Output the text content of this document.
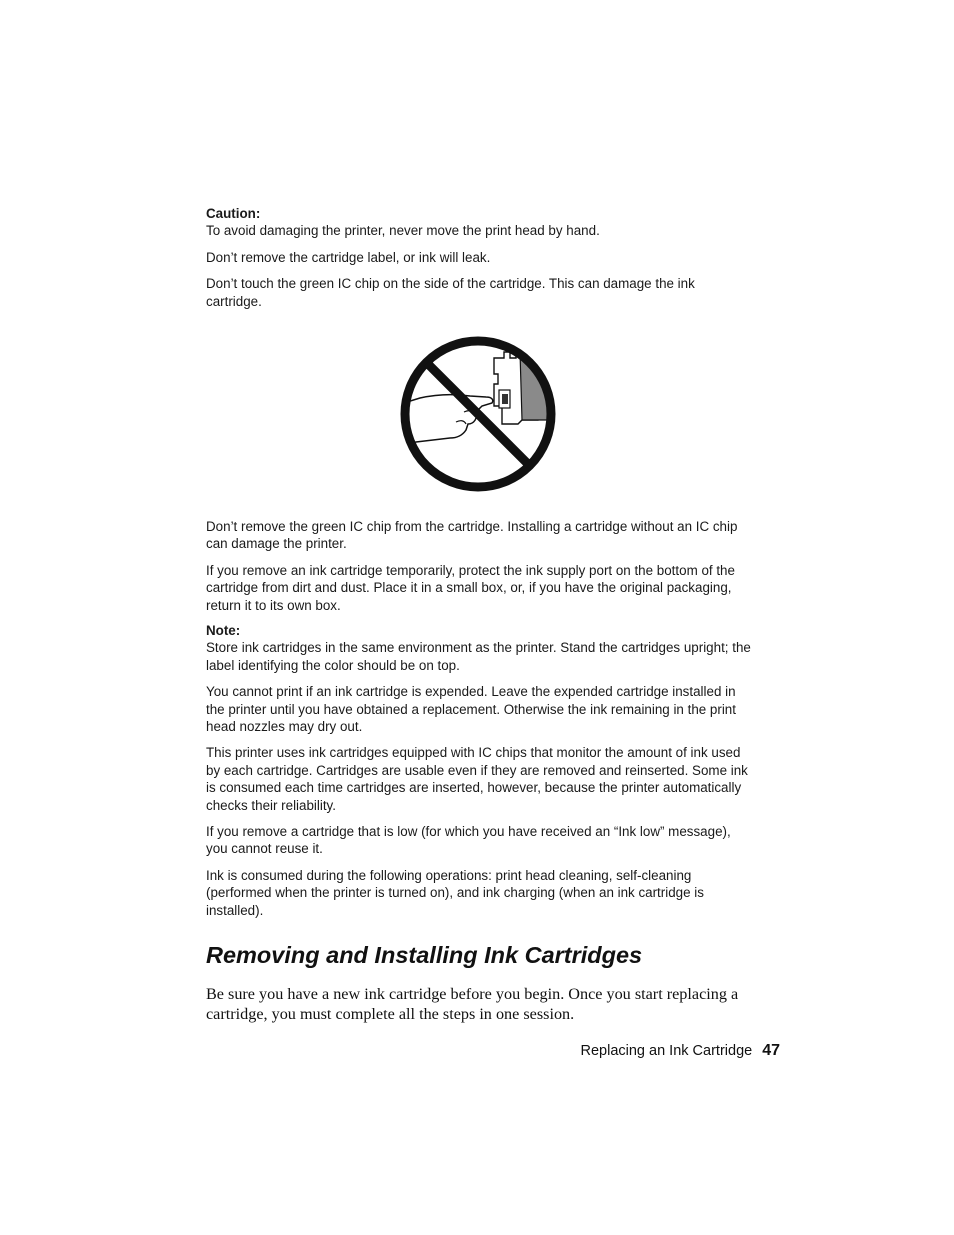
Caution:

To avoid damaging the printer, never move the print head by hand.

Don’t remove the cartridge label, or ink will leak.

Don’t touch the green IC chip on the side of the cartridge. This can damage the ink cartridge.

Don’t remove the green IC chip from the cartridge. Installing a cartridge without an IC chip can damage the printer.

If you remove an ink cartridge temporarily, protect the ink supply port on the bottom of the cartridge from dirt and dust. Place it in a small box, or, if you have the original packaging, return it to its own box.

Note:

Store ink cartridges in the same environment as the printer. Stand the cartridges upright; the label identifying the color should be on top.

You cannot print if an ink cartridge is expended. Leave the expended cartridge installed in the printer until you have obtained a replacement. Otherwise the ink remaining in the print head nozzles may dry out.

This printer uses ink cartridges equipped with IC chips that monitor the amount of ink used by each cartridge. Cartridges are usable even if they are removed and reinserted. Some ink is consumed each time cartridges are inserted, however, because the printer automatically checks their reliability.

If you remove a cartridge that is low (for which you have received an “Ink low” message), you cannot reuse it.

Ink is consumed during the following operations: print head cleaning, self-cleaning (performed when the printer is turned on), and ink charging (when an ink cartridge is installed).

Removing and Installing Ink Cartridges

Be sure you have a new ink cartridge before you begin. Once you start replacing a cartridge, you must complete all the steps in one session.

Replacing an Ink Cartridge 47
